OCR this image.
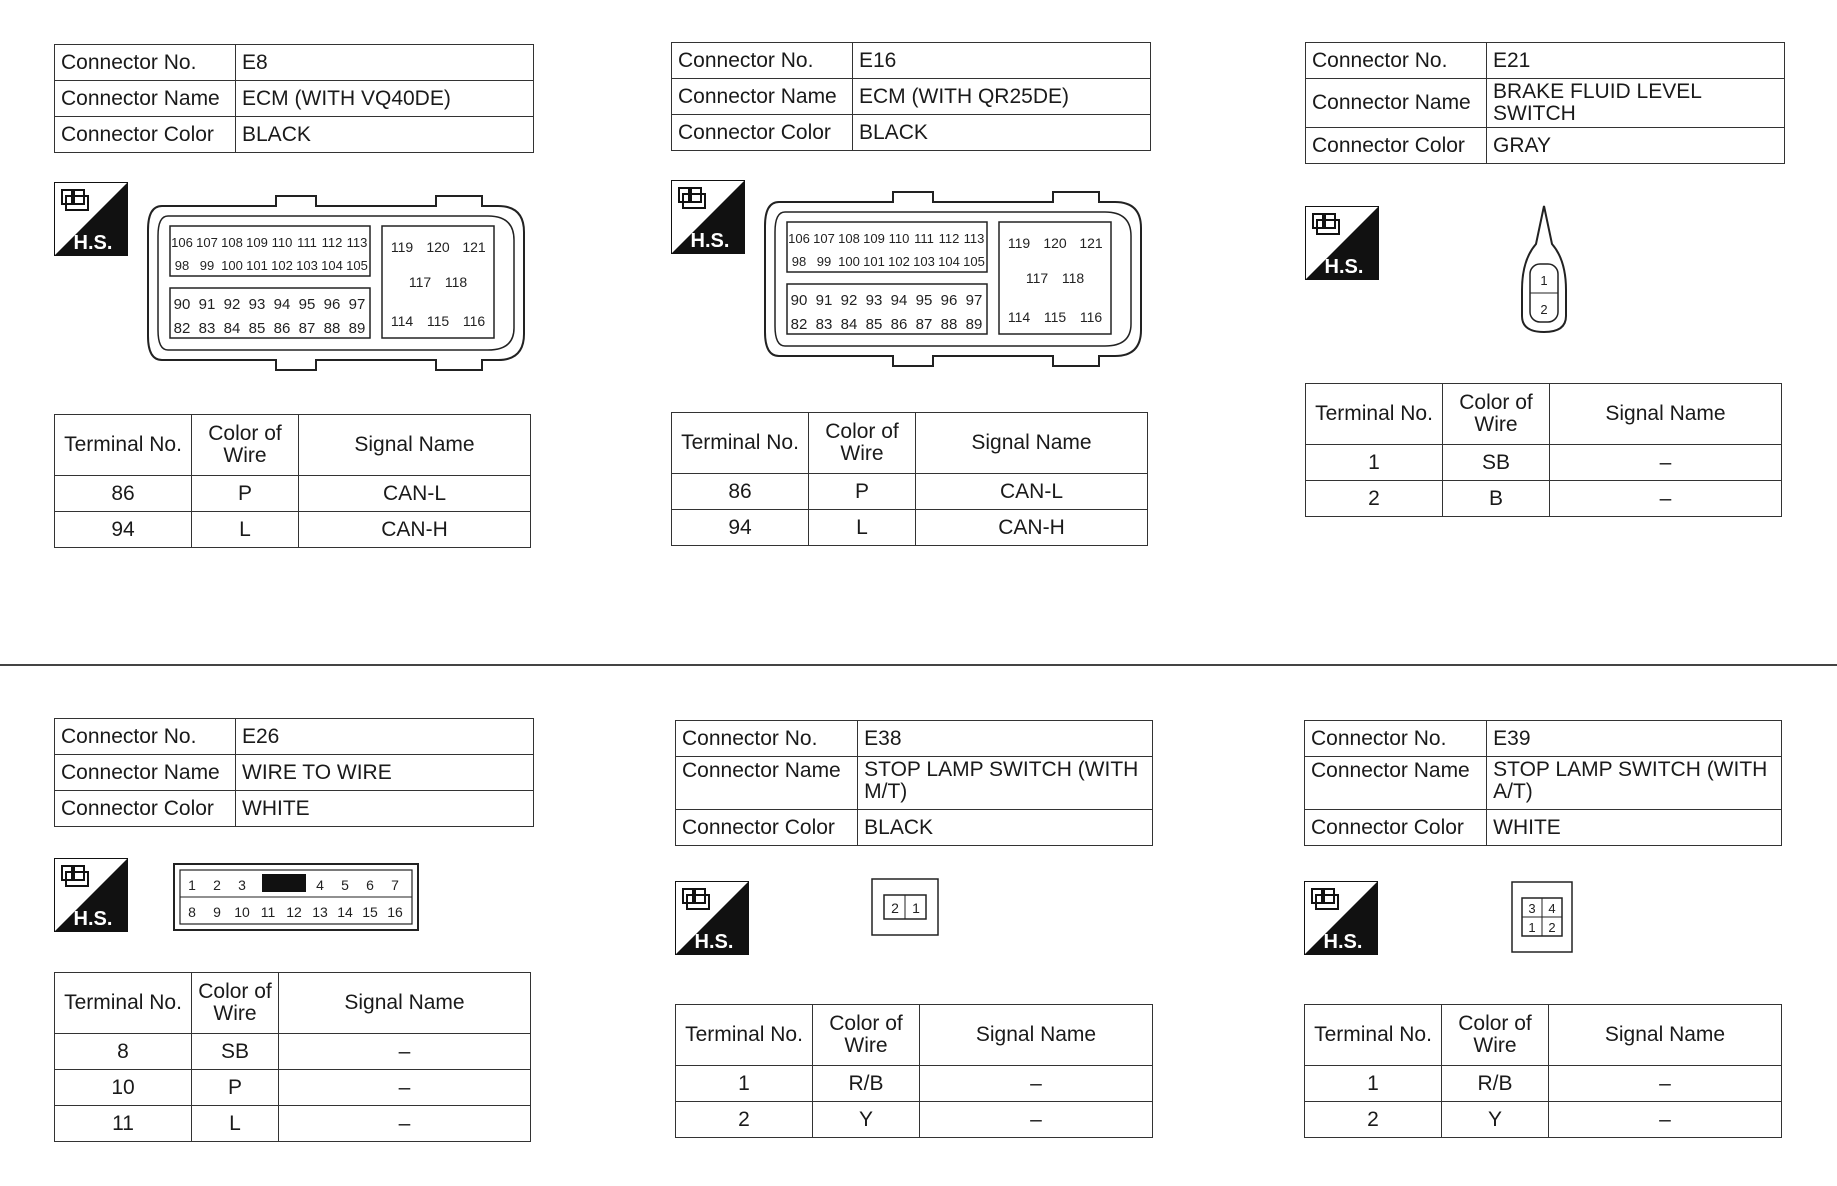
Connector No.	E8
Connector Name	ECM (WITH VQ40DE)
Connector Color	BLACK
H.S.	106 107 108 109 110 111 112 113
98 99 100 101 102 103 104 105
90 91 92 93 94 95 96 97
82 83 84 85 86 87 88 89
119 120 121
117 118
114 115 116
Terminal No.	Color of Wire	Signal Name
86	P	CAN-L
94	L	CAN-H
Connector No.	E16
Connector Name	ECM (WITH QR25DE)
Connector Color	BLACK
H.S.	106 107 108 109 110 111 112 113
98 99 100 101 102 103 104 105
90 91 92 93 94 95 96 97
82 83 84 85 86 87 88 89
119 120 121
117 118
114 115 116
Terminal No.	Color of Wire	Signal Name
86	P	CAN-L
94	L	CAN-H
Connector No.	E21
Connector Name	BRAKE FLUID LEVEL SWITCH
Connector Color	GRAY
H.S.
1
2
Terminal No.	Color of Wire	Signal Name
1	SB	–
2	B	–
Connector No.	E26
Connector Name	WIRE TO WIRE
Connector Color	WHITE
H.S.
1 2 3	4 5 6 7
8 9 10 11 12 13 14 15 16
Terminal No.	Color of Wire	Signal Name
8	SB	–
10	P	–
11	L	–
Connector No.	E38
Connector Name	STOP LAMP SWITCH (WITH M/T)
Connector Color	BLACK
H.S.
2 1
Terminal No.	Color of Wire	Signal Name
1	R/B	–
2	Y	–
Connector No.	E39
Connector Name	STOP LAMP SWITCH (WITH A/T)
Connector Color	WHITE
H.S.
3 4
1 2
Terminal No.	Color of Wire	Signal Name
1	R/B	–
2	Y	–
